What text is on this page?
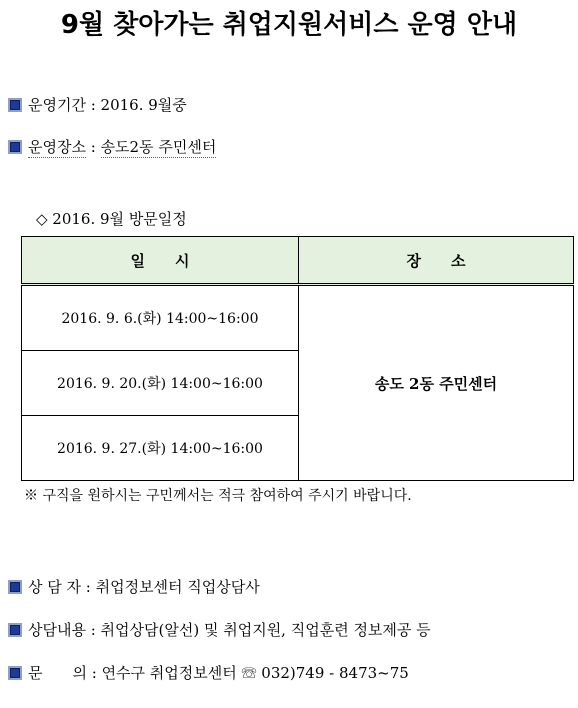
9월 찾아가는 취업지원서비스 운영 안내
운영기간 : 2016. 9월중
운영장소 : 송도2동 주민센터
◇ 2016. 9월 방문일정
일　　시	장　　소
2016. 9. 6.(화) 14:00~16:00	송도 2동 주민센터
2016. 9. 20.(화) 14:00~16:00	
2016. 9. 27.(화) 14:00~16:00	
※ 구직을 원하시는 구민께서는 적극 참여하여 주시기 바랍니다.
상 담 자 : 취업정보센터 직업상담사
상담내용 : 취업상담(알선) 및 취업지원, 직업훈련 정보제공 등
문　　의 : 연수구 취업정보센터 ☏ 032)749 - 8473~75
